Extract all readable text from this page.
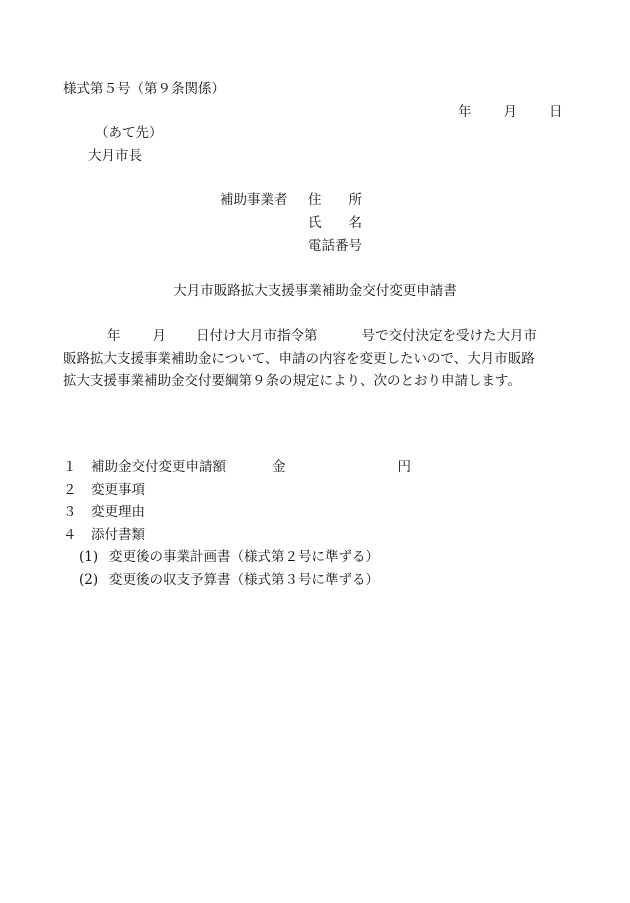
様式第５号（第９条関係）
年 月 日
（あて先）
大月市長
補助事業者 住　　所
氏　　名
電話番号
大月市販路拡大支援事業補助金交付変更申請書
年 月 日付け大月市指令第	号で交付決定を受けた大月市
販路拡大支援事業補助金について、申請の内容を変更したいので、大月市販路
拡大支援事業補助金交付要綱第９条の規定により、次のとおり申請します。
１ 補助金交付変更申請額	金	円
２ 変更事項
３ 変更理由
４ 添付書類
(1) 変更後の事業計画書（様式第２号に準ずる）
(2) 変更後の収支予算書（様式第３号に準ずる）
